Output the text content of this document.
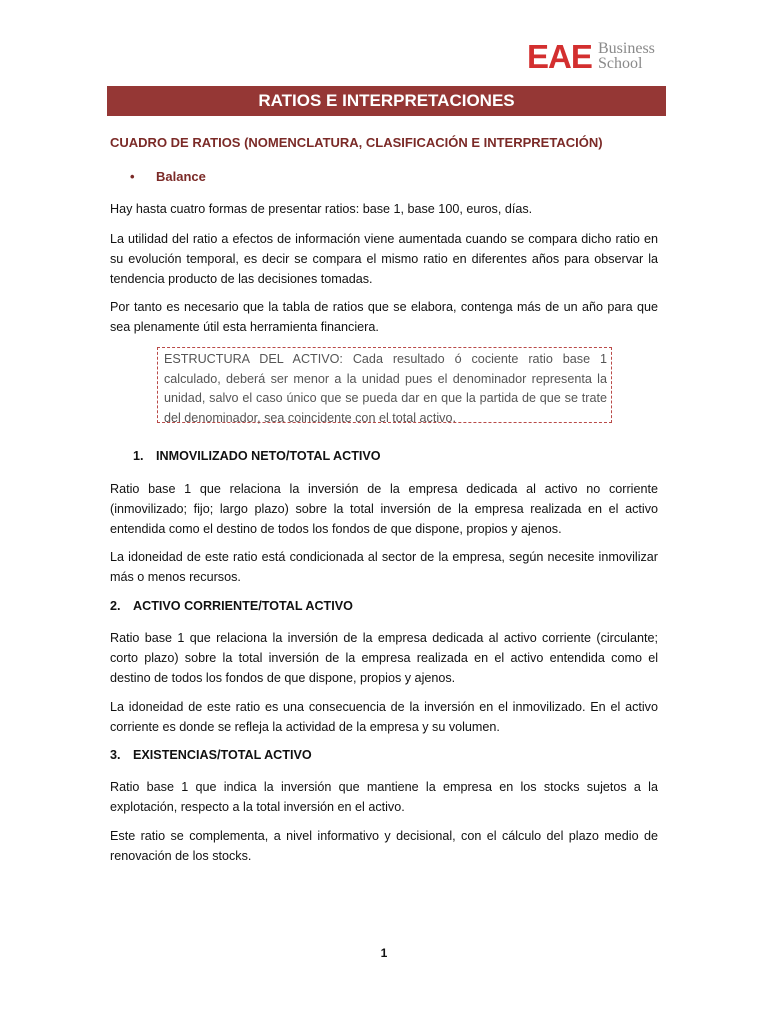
EAE Business
School
RATIOS E INTERPRETACIONES
CUADRO DE RATIOS (NOMENCLATURA, CLASIFICACIÓN E INTERPRETACIÓN)
• Balance

Hay hasta cuatro formas de presentar ratios: base 1, base 100, euros, días.

La utilidad del ratio a efectos de información viene aumentada cuando se compara dicho ratio en su evolución temporal, es decir se compara el mismo ratio en diferentes años para observar la tendencia producto de las decisiones tomadas.

Por tanto es necesario que la tabla de ratios que se elabora, contenga más de un año para que sea plenamente útil esta herramienta financiera.

ESTRUCTURA DEL ACTIVO: Cada resultado ó cociente ratio base 1 calculado, deberá ser menor a la unidad pues el denominador representa la unidad, salvo el caso único que se pueda dar en que la partida de que se trate del denominador, sea coincidente con el total activo.
1. INMOVILIZADO NETO/TOTAL ACTIVO

Ratio base 1 que relaciona la inversión de la empresa dedicada al activo no corriente (inmovilizado; fijo; largo plazo) sobre la total inversión de la empresa realizada en el activo entendida como el destino de todos los fondos de que dispone, propios y ajenos.

La idoneidad de este ratio está condicionada al sector de la empresa, según necesite inmovilizar más o menos recursos.

2. ACTIVO CORRIENTE/TOTAL ACTIVO

Ratio base 1 que relaciona la inversión de la empresa dedicada al activo corriente (circulante; corto plazo) sobre la total inversión de la empresa realizada en el activo entendida como el destino de todos los fondos de que dispone, propios y ajenos.

La idoneidad de este ratio es una consecuencia de la inversión en el inmovilizado. En el activo corriente es donde se refleja la actividad de la empresa y su volumen.

3. EXISTENCIAS/TOTAL ACTIVO

Ratio base 1 que indica la inversión que mantiene la empresa en los stocks sujetos a la explotación, respecto a la total inversión en el activo.

Este ratio se complementa, a nivel informativo y decisional, con el cálculo del plazo medio de renovación de los stocks.

1
